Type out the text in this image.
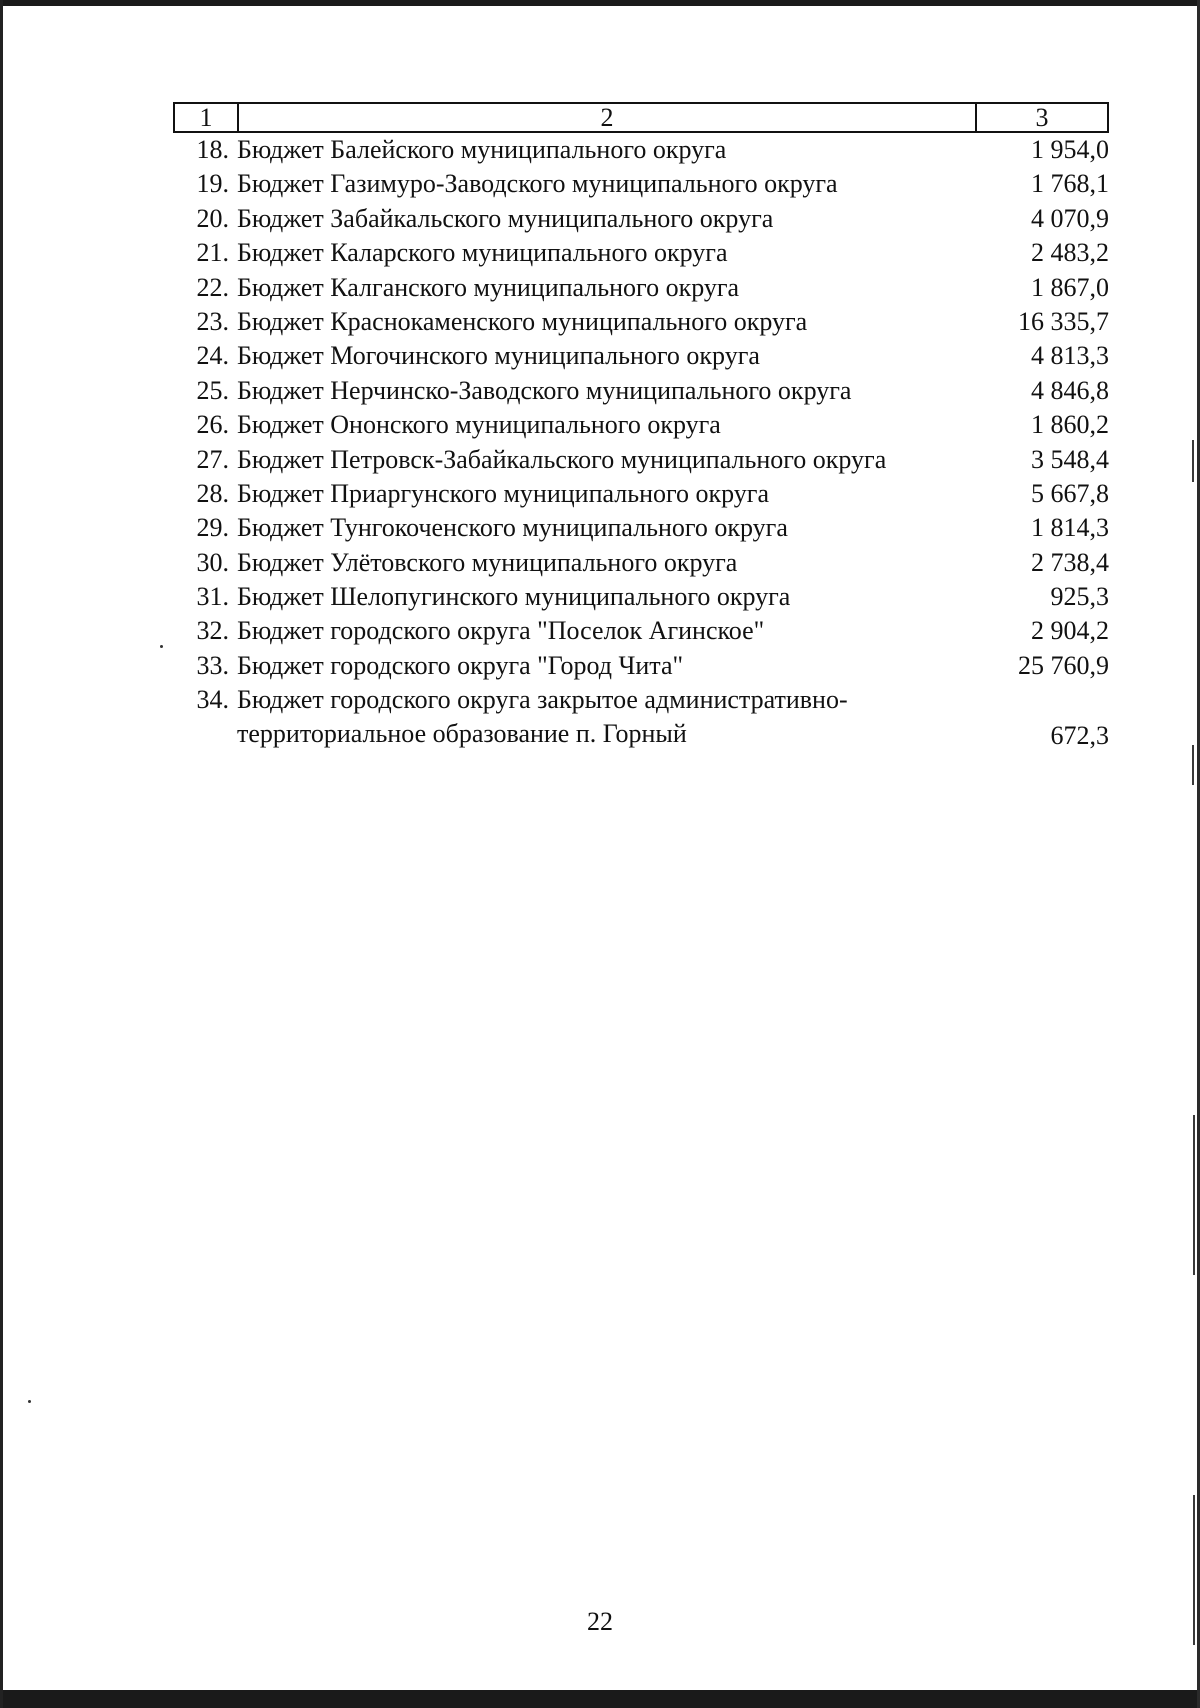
1	2	3
18. Бюджет Балейского муниципального округа	1 954,0
19. Бюджет Газимуро-Заводского муниципального округа	1 768,1
20. Бюджет Забайкальского муниципального округа	4 070,9
21. Бюджет Каларского муниципального округа	2 483,2
22. Бюджет Калганского муниципального округа	1 867,0
23. Бюджет Краснокаменского муниципального округа	16 335,7
24. Бюджет Могочинского муниципального округа	4 813,3
25. Бюджет Нерчинско-Заводского муниципального округа	4 846,8
26. Бюджет Ононского муниципального округа	1 860,2
27. Бюджет Петровск-Забайкальского муниципального округа	3 548,4
28. Бюджет Приаргунского муниципального округа	5 667,8
29. Бюджет Тунгокоченского муниципального округа	1 814,3
30. Бюджет Улётовского муниципального округа	2 738,4
31. Бюджет Шелопугинского муниципального округа	925,3
32. Бюджет городского округа "Поселок Агинское"	2 904,2
33. Бюджет городского округа "Город Чита"	25 760,9
34. Бюджет городского округа закрытое административно-
территориальное образование п. Горный	672,3
22
